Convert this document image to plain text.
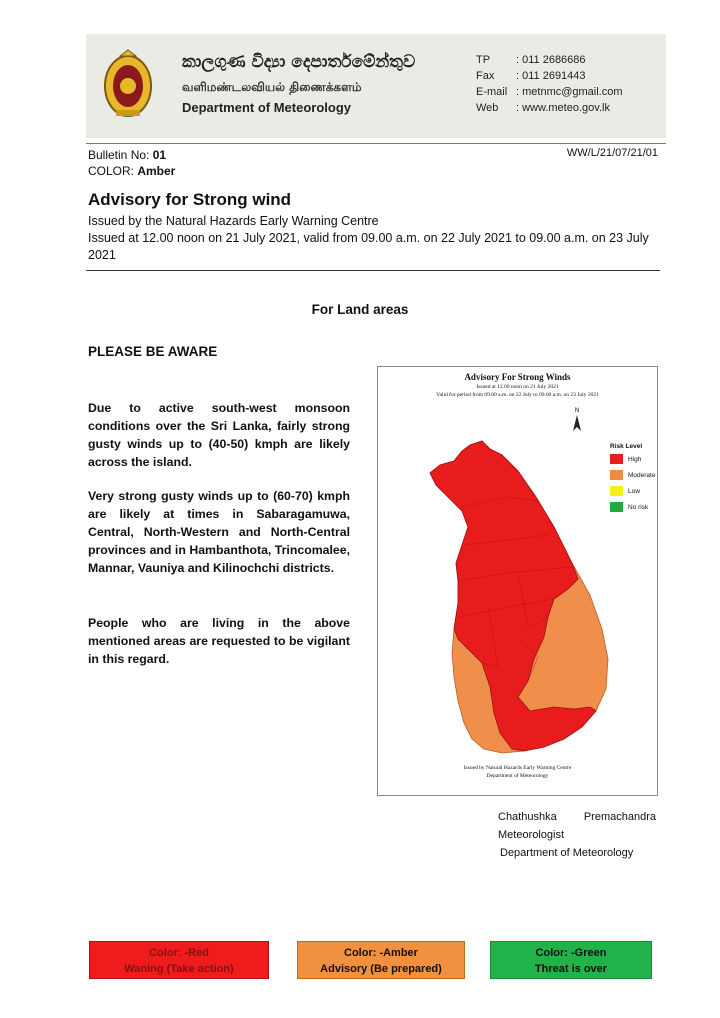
කාලගුණ විද්‍යා දෙපාර්තමේන්තුව
வளிமண்டலவியல் திணைக்களம்
Department of Meteorology
TP	: 011 2686686
Fax	: 011 2691443
E-mail : metnmc@gmail.com
Web	: www.meteo.gov.lk
Bulletin No: 01
COLOR: Amber
WW/L/21/07/21/01
Advisory for Strong wind
Issued by the Natural Hazards Early Warning Centre
Issued at 12.00 noon on 21 July 2021, valid from 09.00 a.m. on 22 July 2021 to 09.00 a.m. on 23 July 2021
For Land areas
PLEASE BE AWARE
Due to active south-west monsoon conditions over the Sri Lanka, fairly strong gusty winds up to (40-50) kmph are likely across the island.
Very strong gusty winds up to (60-70) kmph are likely at times in Sabaragamuwa, Central, North-Western and North-Central provinces and in Hambanthota, Trincomalee, Mannar, Vauniya and Kilinochchi districts.
People who are living in the above mentioned areas are requested to be vigilant in this regard.
Advisory For Strong Winds
Issued at 12.00 noon on 21 July 2021
Valid for period from 09.00 a.m. on 22 July to 09.00 a.m. on 23 July 2021
N
Risk Level
High
Moderate
Low
No risk
Issued by Natural Hazards Early Warning Centre
Department of Meteorology
Chathushka Premachandra
Meteorologist
Department of Meteorology
Color: -Red
Waning (Take action)
Color: -Amber
Advisory (Be prepared)
Color: -Green
Threat is over
